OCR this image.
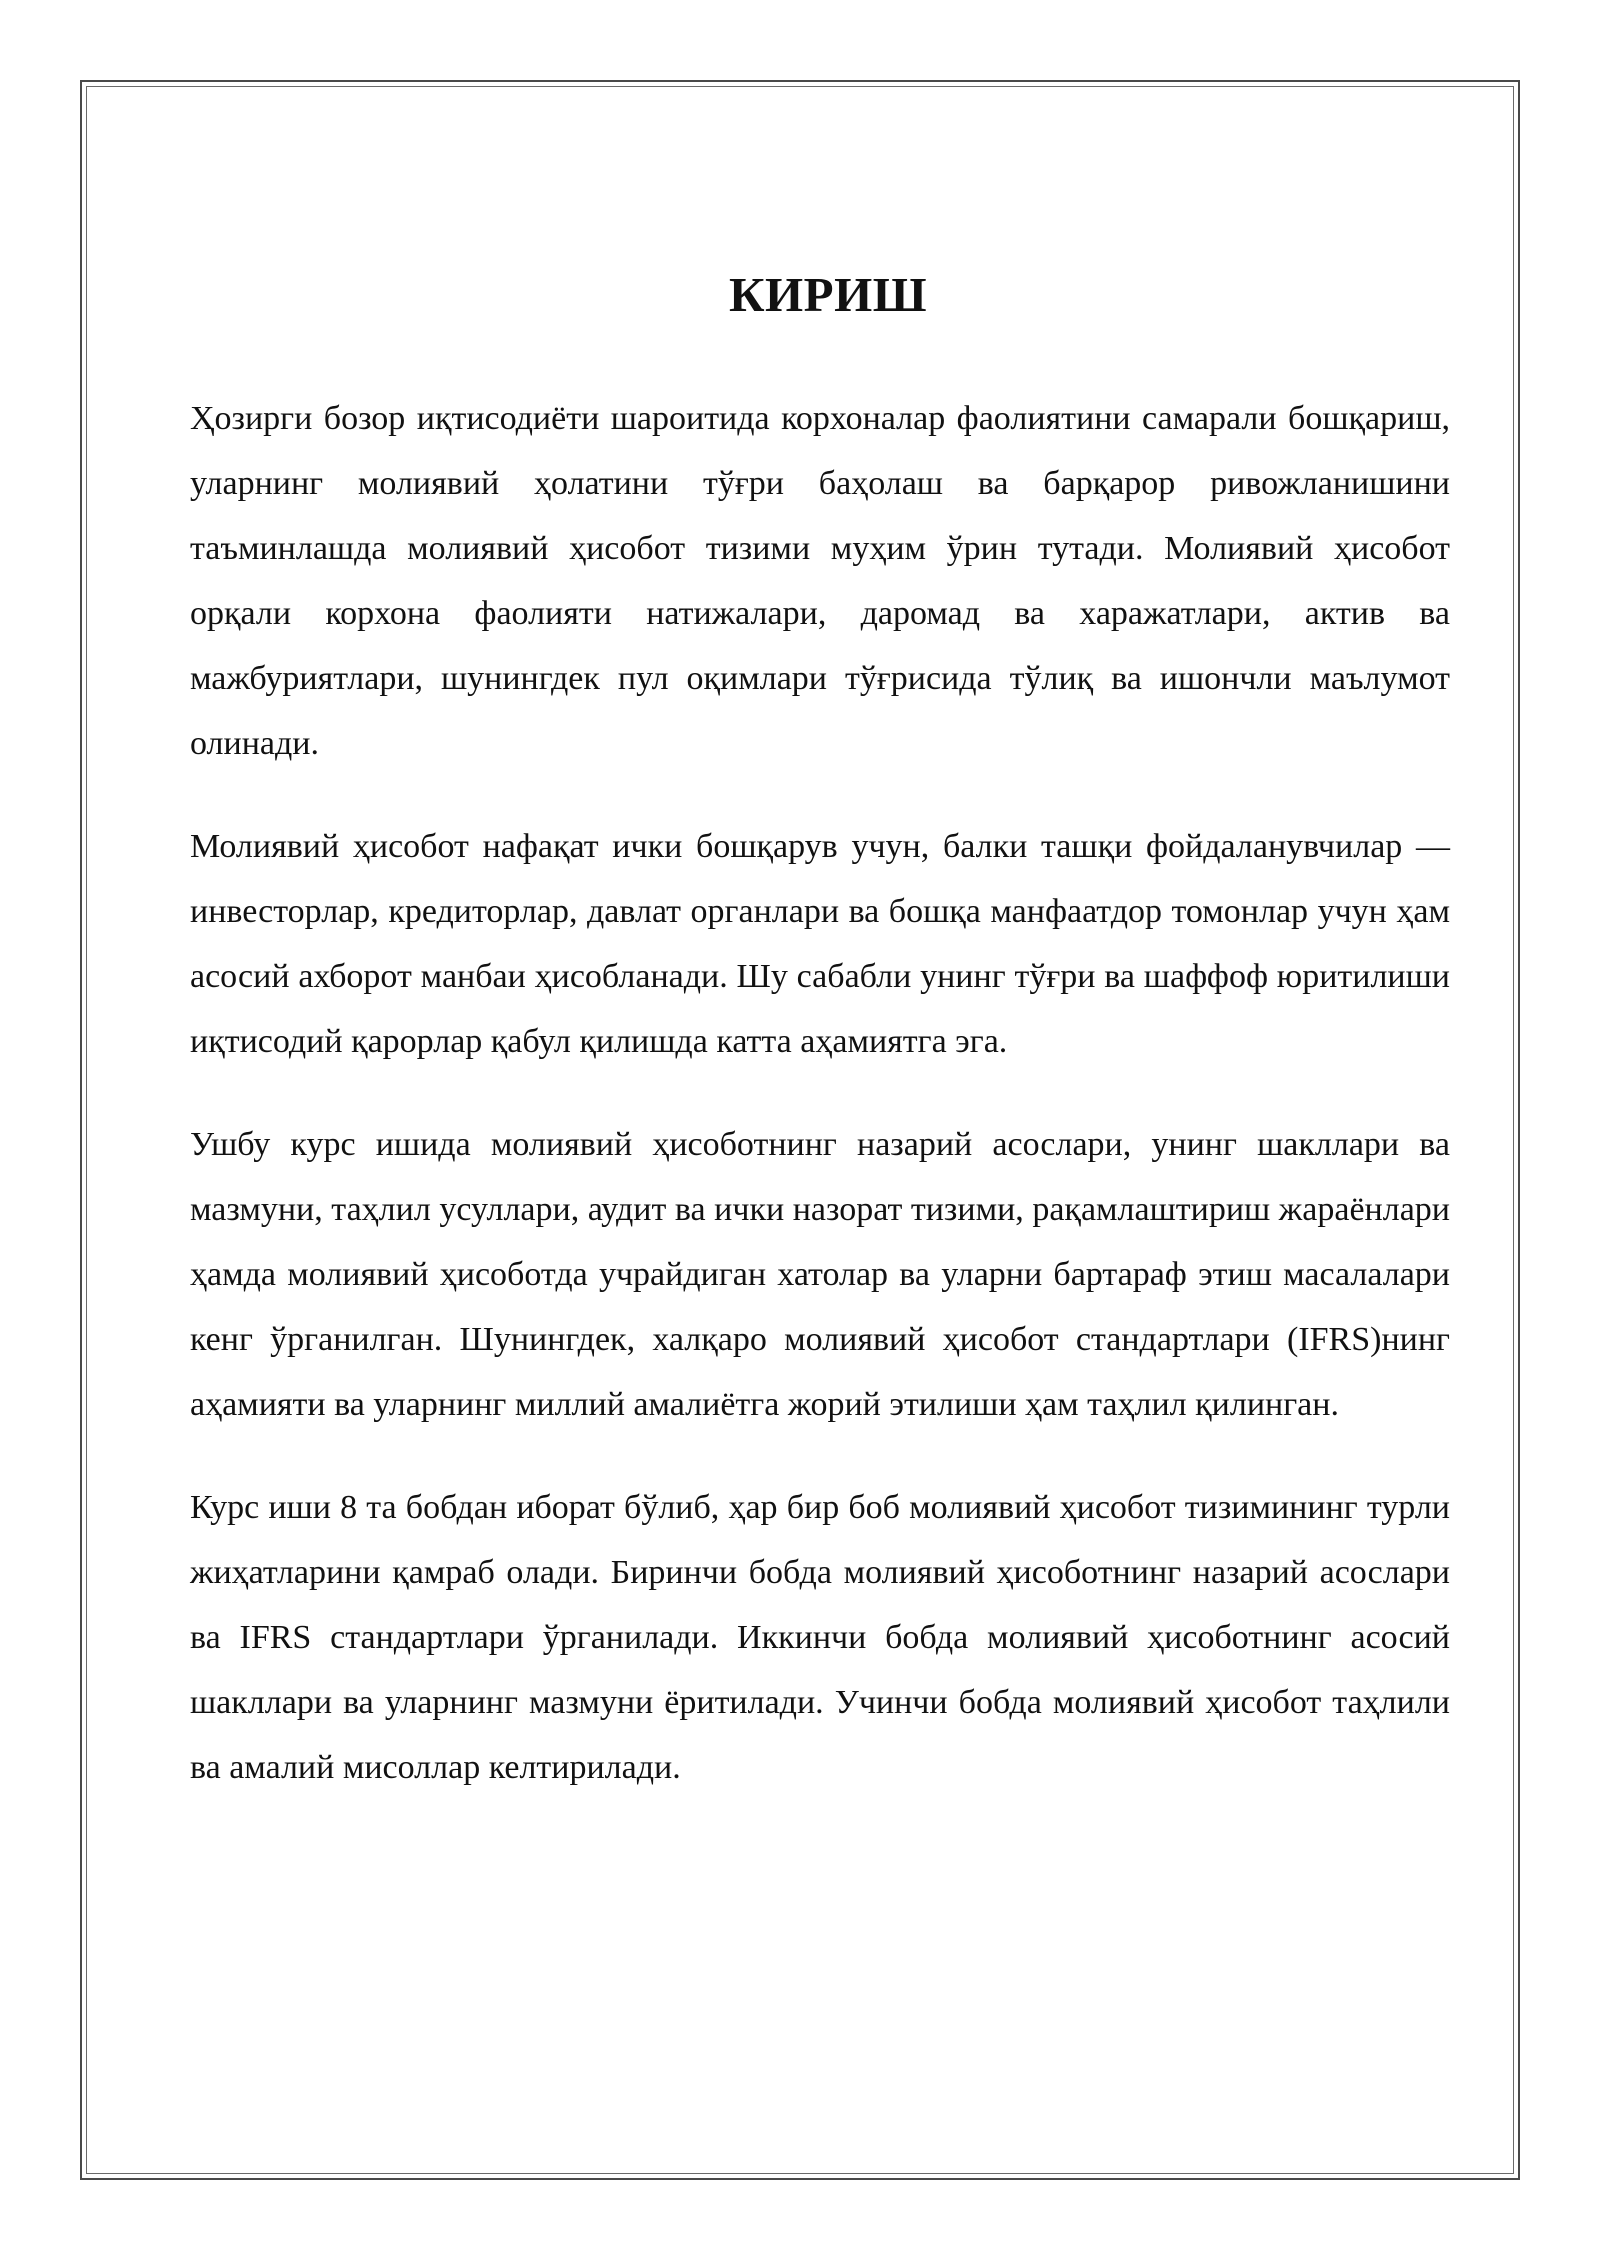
КИРИШ

Ҳозирги бозор иқтисодиёти шароитида корхоналар фаолиятини самарали бошқариш, уларнинг молиявий ҳолатини тўғри баҳолаш ва барқарор ривожланишини таъминлашда молиявий ҳисобот тизими муҳим ўрин тутади. Молиявий ҳисобот орқали корхона фаолияти натижалари, даромад ва харажатлари, актив ва мажбуриятлари, шунингдек пул оқимлари тўғрисида тўлиқ ва ишончли маълумот олинади.

Молиявий ҳисобот нафақат ички бошқарув учун, балки ташқи фойдаланувчилар — инвесторлар, кредиторлар, давлат органлари ва бошқа манфаатдор томонлар учун ҳам асосий ахборот манбаи ҳисобланади. Шу сабабли унинг тўғри ва шаффоф юритилиши иқтисодий қарорлар қабул қилишда катта аҳамиятга эга.

Ушбу курс ишида молиявий ҳисоботнинг назарий асослари, унинг шакллари ва мазмуни, таҳлил усуллари, аудит ва ички назорат тизими, рақамлаштириш жараёнлари ҳамда молиявий ҳисоботда учрайдиган хатолар ва уларни бартараф этиш масалалари кенг ўрганилган. Шунингдек, халқаро молиявий ҳисобот стандартлари (IFRS)нинг аҳамияти ва уларнинг миллий амалиётга жорий этилиши ҳам таҳлил қилинган.

Курс иши 8 та бобдан иборат бўлиб, ҳар бир боб молиявий ҳисобот тизимининг турли жиҳатларини қамраб олади. Биринчи бобда молиявий ҳисоботнинг назарий асослари ва IFRS стандартлари ўрганилади. Иккинчи бобда молиявий ҳисоботнинг асосий шакллари ва уларнинг мазмуни ёритилади. Учинчи бобда молиявий ҳисобот таҳлили ва амалий мисоллар келтирилади.
